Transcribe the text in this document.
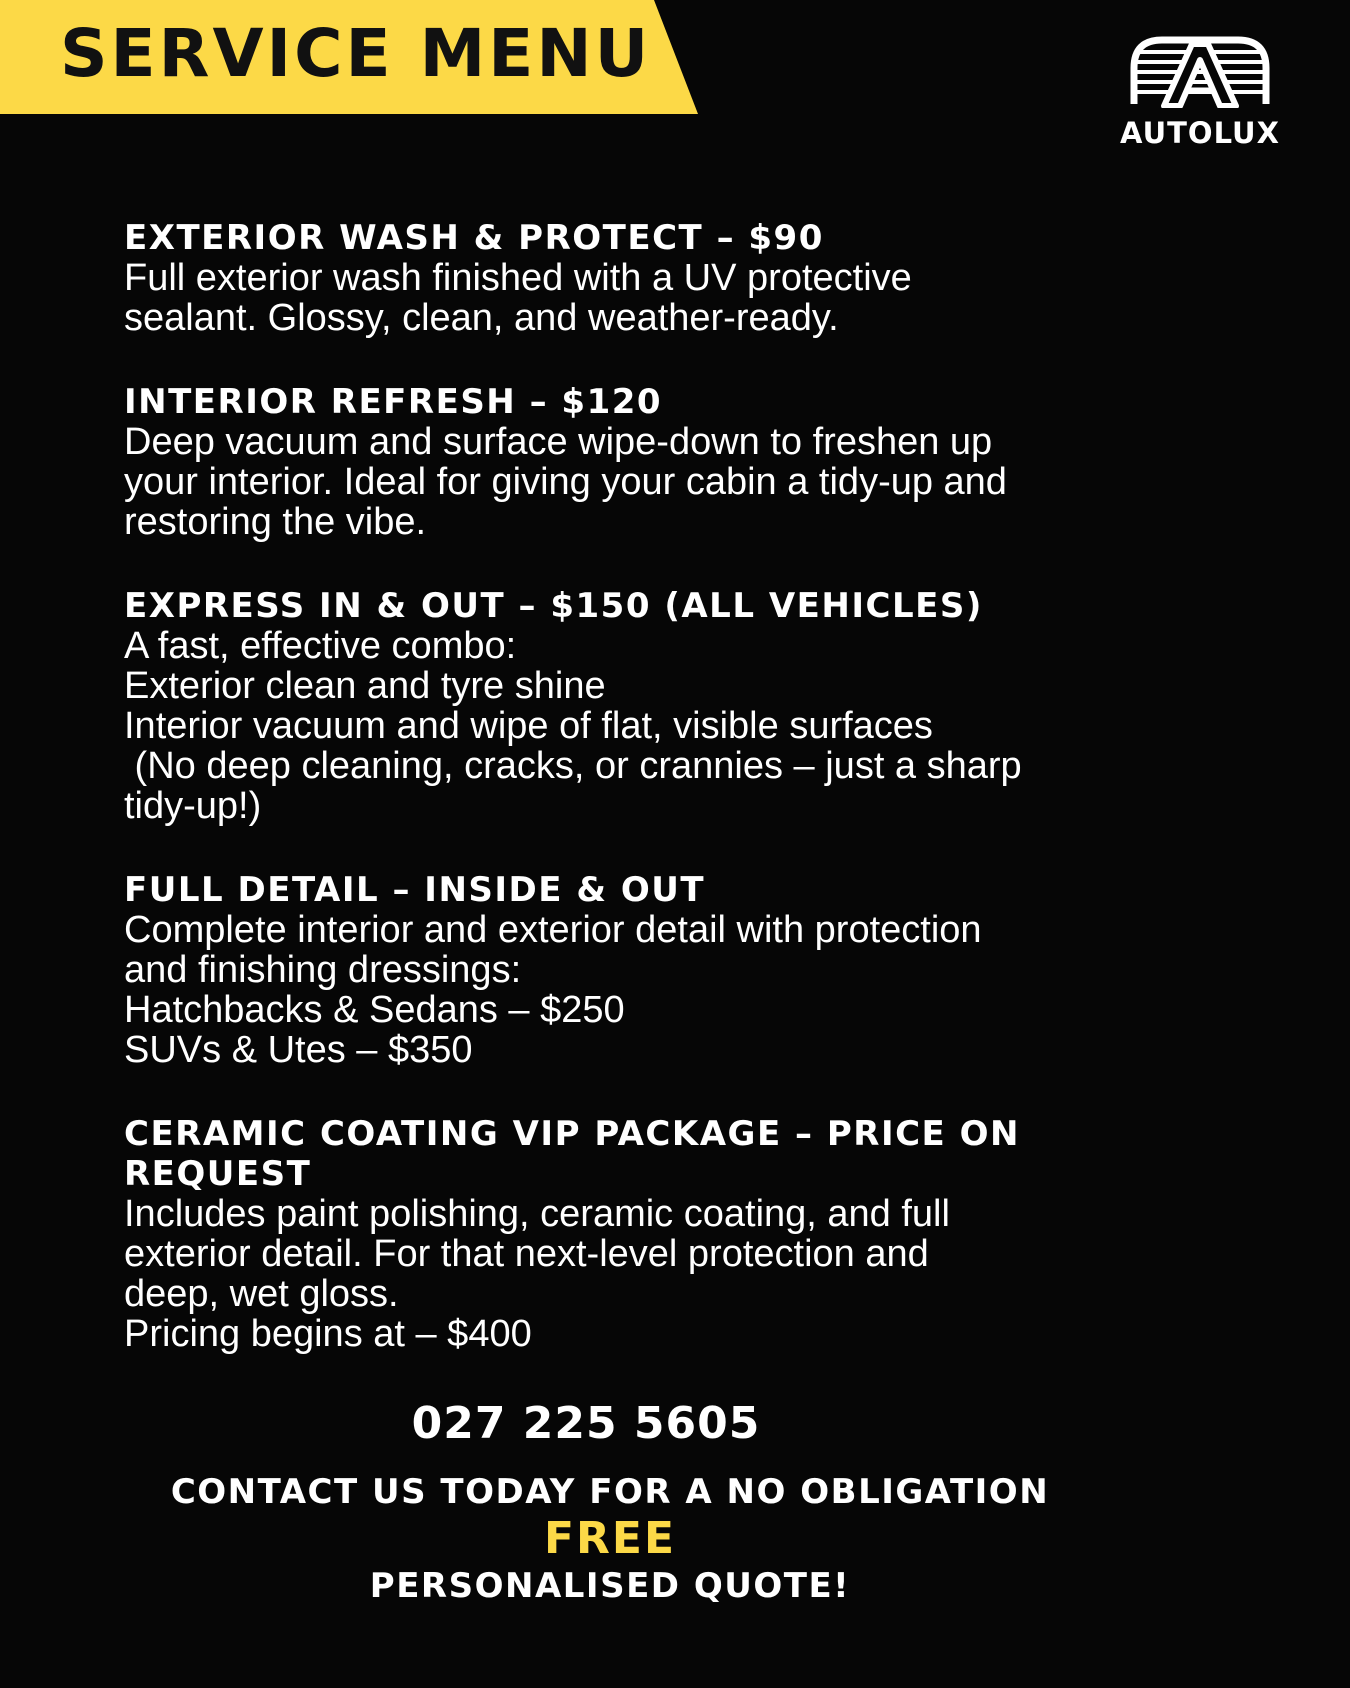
SERVICE MENU
AUTOLUX
EXTERIOR WASH & PROTECT – $90
Full exterior wash finished with a UV protective
sealant. Glossy, clean, and weather-ready.
INTERIOR REFRESH – $120
Deep vacuum and surface wipe-down to freshen up
your interior. Ideal for giving your cabin a tidy-up and
restoring the vibe.
EXPRESS IN & OUT – $150 (ALL VEHICLES)
A fast, effective combo:
Exterior clean and tyre shine
Interior vacuum and wipe of flat, visible surfaces
(No deep cleaning, cracks, or crannies – just a sharp
tidy-up!)
FULL DETAIL – INSIDE & OUT
Complete interior and exterior detail with protection
and finishing dressings:
Hatchbacks & Sedans – $250
SUVs & Utes – $350
CERAMIC COATING VIP PACKAGE – PRICE ON
REQUEST
Includes paint polishing, ceramic coating, and full
exterior detail. For that next-level protection and
deep, wet gloss.
Pricing begins at – $400
027 225 5605
CONTACT US TODAY FOR A NO OBLIGATION
FREE
PERSONALISED QUOTE!
